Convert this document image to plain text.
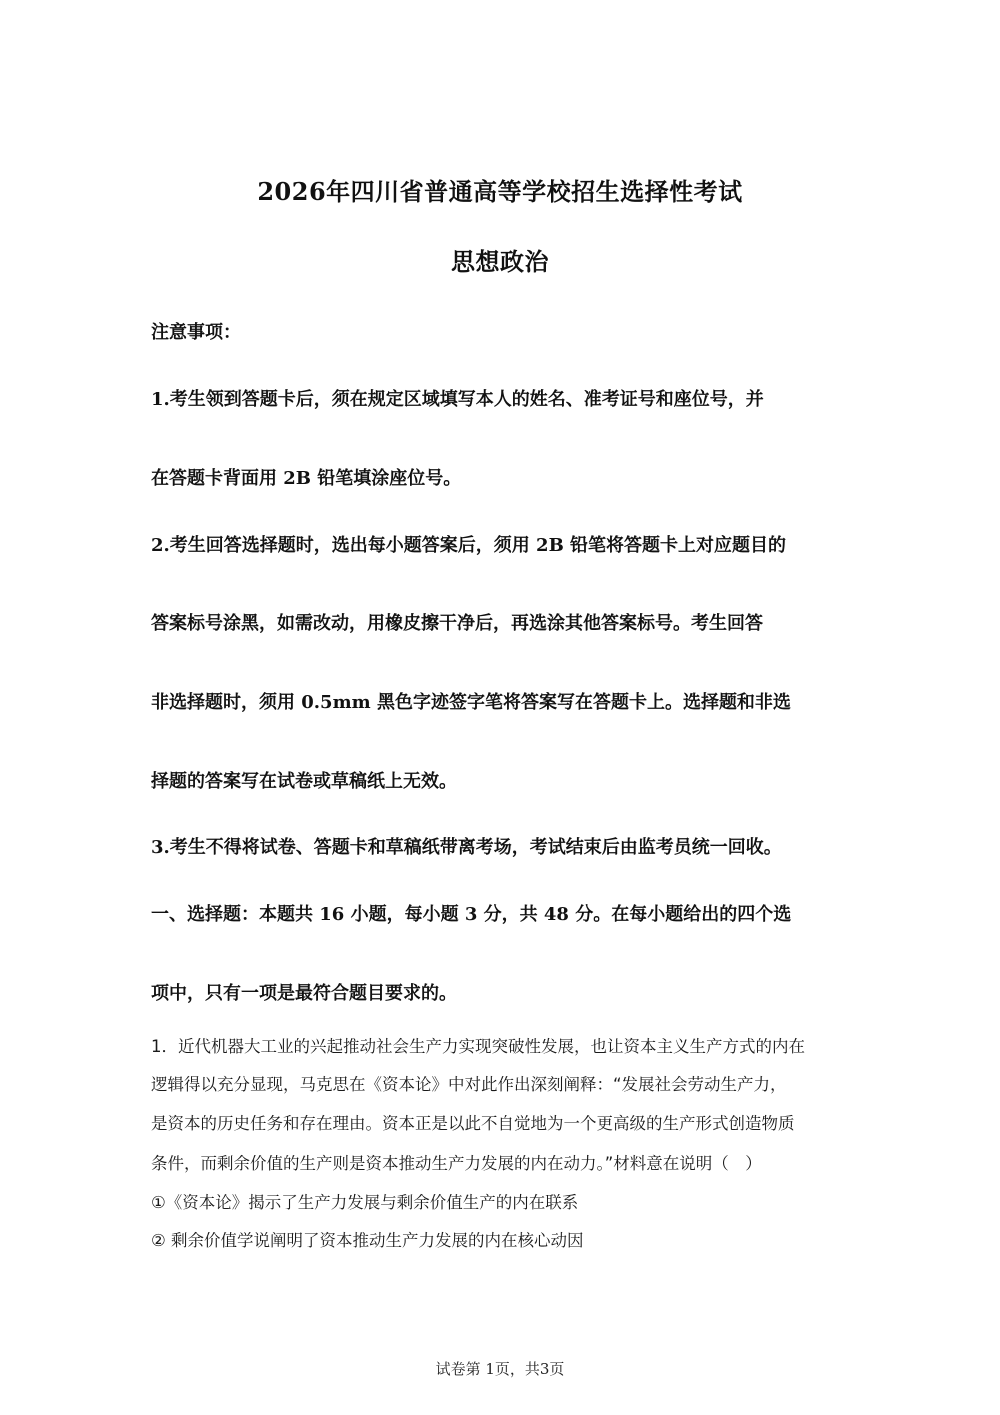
2026年四川省普通高等学校招生选择性考试
思想政治
注意事项：
1.考生领到答题卡后，须在规定区域填写本人的姓名、准考证号和座位号，并
在答题卡背面用 2B 铅笔填涂座位号。
2.考生回答选择题时，选出每小题答案后，须用 2B 铅笔将答题卡上对应题目的
答案标号涂黑，如需改动，用橡皮擦干净后，再选涂其他答案标号。考生回答
非选择题时，须用 0.5mm 黑色字迹签字笔将答案写在答题卡上。选择题和非选
择题的答案写在试卷或草稿纸上无效。
3.考生不得将试卷、答题卡和草稿纸带离考场，考试结束后由监考员统一回收。
一、选择题：本题共 16 小题，每小题 3 分，共 48 分。在每小题给出的四个选
项中，只有一项是最符合题目要求的。
1．近代机器大工业的兴起推动社会生产力实现突破性发展，也让资本主义生产方式的内在
逻辑得以充分显现，马克思在《资本论》中对此作出深刻阐释：“发展社会劳动生产力，
是资本的历史任务和存在理由。资本正是以此不自觉地为一个更高级的生产形式创造物质
条件，而剩余价值的生产则是资本推动生产力发展的内在动力。”材料意在说明（　）
①《资本论》揭示了生产力发展与剩余价值生产的内在联系
② 剩余价值学说阐明了资本推动生产力发展的内在核心动因
试卷第 1页，共3页
